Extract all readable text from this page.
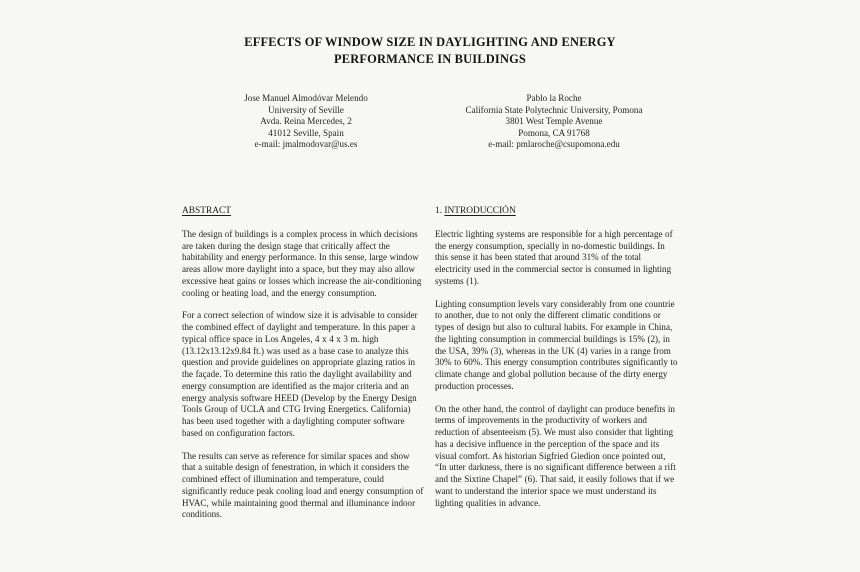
EFFECTS OF WINDOW SIZE IN DAYLIGHTING AND ENERGY PERFORMANCE IN BUILDINGS
Jose Manuel Almodóvar Melendo
University of Seville
Avda. Reina Mercedes, 2
41012 Seville, Spain
e-mail: jmalmodovar@us.es
Pablo la Roche
California State Polytechnic University, Pomona
3801 West Temple Avenue
Pomona, CA 91768
e-mail: pmlaroche@csupomona.edu
ABSTRACT

The design of buildings is a complex process in which decisions are taken during the design stage that critically affect the habitability and energy performance. In this sense, large window areas allow more daylight into a space, but they may also allow excessive heat gains or losses which increase the air-conditioning cooling or heating load, and the energy consumption.

For a correct selection of window size it is advisable to consider the combined effect of daylight and temperature. In this paper a typical office space in Los Angeles, 4 x 4 x 3 m. high (13.12x13.12x9.84 ft.) was used as a base case to analyze this question and provide guidelines on appropriate glazing ratios in the façade. To determine this ratio the daylight availability and energy consumption are identified as the major criteria and an energy analysis software HEED (Develop by the Energy Design Tools Group of UCLA and CTG Irving Energetics. California) has been used together with a daylighting computer software based on configuration factors.

The results can serve as reference for similar spaces and show that a suitable design of fenestration, in which it considers the combined effect of illumination and temperature, could significantly reduce peak cooling load and energy consumption of HVAC, while maintaining good thermal and illuminance indoor conditions.

1. INTRODUCCIÓN

Electric lighting systems are responsible for a high percentage of the energy consumption, specially in no-domestic buildings. In this sense it has been stated that around 31% of the total electricity used in the commercial sector is consumed in lighting systems (1).

Lighting consumption levels vary considerably from one countrie to another, due to not only the different climatic conditions or types of design but also to cultural habits. For example in China, the lighting consumption in commercial buildings is 15% (2), in the USA, 39% (3), whereas in the UK (4) varies in a range from 30% to 60%. This energy consumption contributes significantly to climate change and global pollution because of the dirty energy production processes.

On the other hand, the control of daylight can produce benefits in terms of improvements in the productivity of workers and reduction of absenteeism (5). We must also consider that lighting has a decisive influence in the perception of the space and its visual comfort. As historian Sigfried Giedion once pointed out, “In utter darkness, there is no significant difference between a rift and the Sixtine Chapel” (6). That said, it easily follows that if we want to understand the interior space we must understand its lighting qualities in advance.
